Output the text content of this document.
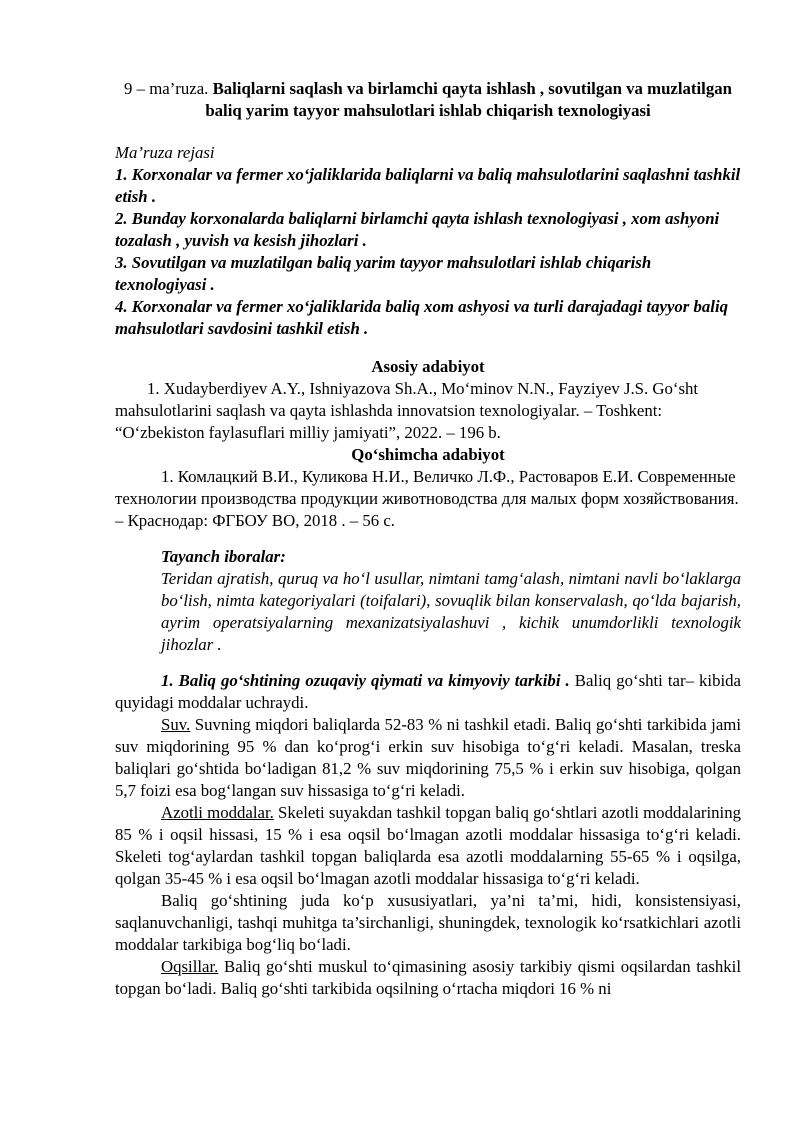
9 – ma’ruza. Baliqlarni saqlash va birlamchi qayta ishlash , sovutilgan va muzlatilgan baliq yarim tayyor mahsulotlari ishlab chiqarish texnologiyasi

Ma’ruza rejasi
1. Korxonalar va fermer xo‘jaliklarida baliqlarni va baliq mahsulotlarini saqlashni tashkil etish .
2. Bunday korxonalarda baliqlarni birlamchi qayta ishlash texnologiyasi , xom ashyoni tozalash , yuvish va kesish jihozlari .
3. Sovutilgan va muzlatilgan baliq yarim tayyor mahsulotlari ishlab chiqarish texnologiyasi .
4. Korxonalar va fermer xo‘jaliklarida baliq xom ashyosi va turli darajadagi tayyor baliq mahsulotlari savdosini tashkil etish .
Asosiy adabiyot
1. Xudayberdiyev A.Y., Ishniyazova Sh.A., Mo‘minov N.N., Fayziyev J.S. Go‘sht mahsulotlarini saqlash va qayta ishlashda innovatsion texnologiyalar. – Toshkent: “O‘zbekiston faylasuflari milliy jamiyati”, 2022. – 196 b.
Qo‘shimcha adabiyot
1. Комлацкий В.И., Куликова Н.И., Величко Л.Ф., Растоваров Е.И. Современные технологии производства продукции животноводства для малых форм хозяйствования. – Краснодар: ФГБОУ ВО, 2018 . – 56 с.
Tayanch iboralar:
Teridan ajratish, quruq va ho‘l usullar, nimtani tamg‘alash, nimtani navli bo‘laklarga bo‘lish, nimta kategoriyalari (toifalari), sovuqlik bilan konservalash, qo‘lda bajarish, ayrim operatsiyalarning mexanizatsiyalashuvi , kichik unumdorlikli texnologik jihozlar .
1. Baliq go‘shtining ozuqaviy qiymati va kimyoviy tarkibi . Baliq go‘shti tar– kibida quyidagi moddalar uchraydi.
Suv. Suvning miqdori baliqlarda 52-83 % ni tashkil etadi. Baliq go‘shti tarkibida jami suv miqdorining 95 % dan ko‘prog‘i erkin suv hisobiga to‘g‘ri keladi. Masalan, treska baliqlari go‘shtida bo‘ladigan 81,2 % suv miqdorining 75,5 % i erkin suv hisobiga, qolgan 5,7 foizi esa bog‘langan suv hissasiga to‘g‘ri keladi.
Azotli moddalar. Skeleti suyakdan tashkil topgan baliq go‘shtlari azotli moddalarining 85 % i oqsil hissasi, 15 % i esa oqsil bo‘lmagan azotli moddalar hissasiga to‘g‘ri keladi. Skeleti tog‘aylardan tashkil topgan baliqlarda esa azotli moddalarning 55-65 % i oqsilga, qolgan 35-45 % i esa oqsil bo‘lmagan azotli moddalar hissasiga to‘g‘ri keladi.
Baliq go‘shtining juda ko‘p xususiyatlari, ya’ni ta’mi, hidi, konsistensiyasi, saqlanuvchanligi, tashqi muhitga ta’sirchanligi, shuningdek, texnologik ko‘rsatkichlari azotli moddalar tarkibiga bog‘liq bo‘ladi.
Oqsillar. Baliq go‘shti muskul to‘qimasining asosiy tarkibiy qismi oqsilardan tashkil topgan bo‘ladi. Baliq go‘shti tarkibida oqsilning o‘rtacha miqdori 16 % ni
